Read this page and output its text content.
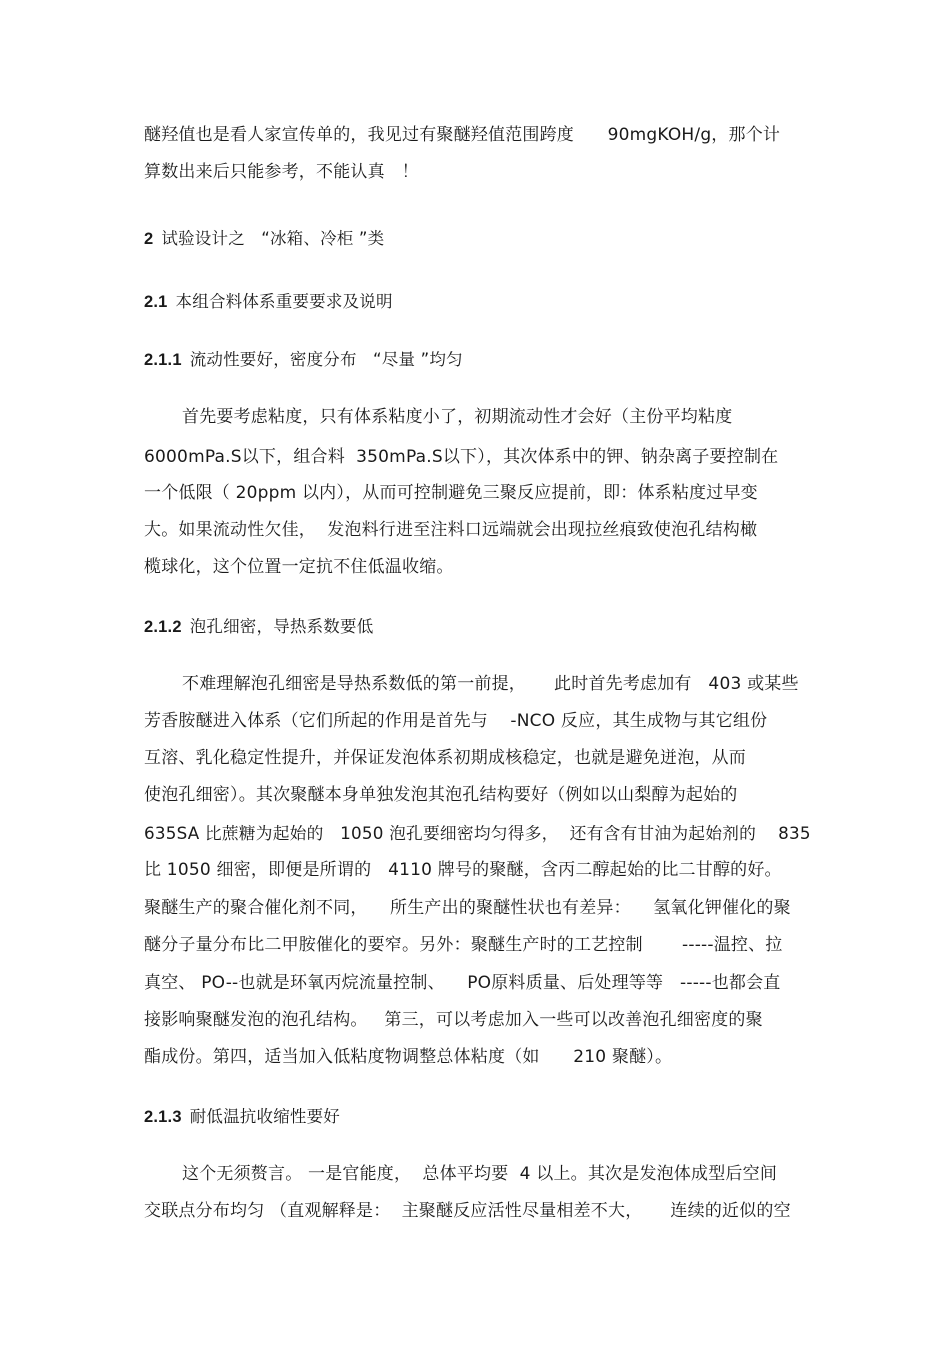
醚羟值也是看人家宣传单的，我见过有聚醚羟值范围跨度      90mgKOH/g，那个计
算数出来后只能参考，不能认真   ！
2 试验设计之   “冰箱、冷柜 ”类
2.1 本组合料体系重要要求及说明
2.1.1 流动性要好，密度分布   “尽量 ”均匀
首先要考虑粘度，只有体系粘度小了，初期流动性才会好（主份平均粘度
6000mPa.S以下，组合料  350mPa.S以下），其次体系中的钾、钠杂离子要控制在
一个低限（ 20ppm 以内），从而可控制避免三聚反应提前，即：体系粘度过早变
大。如果流动性欠佳，  发泡料行进至注料口远端就会出现拉丝痕致使泡孔结构橄
榄球化，这个位置一定抗不住低温收缩。
2.1.2 泡孔细密，导热系数要低
不难理解泡孔细密是导热系数低的第一前提，     此时首先考虑加有   403 或某些
芳香胺醚进入体系（它们所起的作用是首先与    -NCO 反应，其生成物与其它组份
互溶、乳化稳定性提升，并保证发泡体系初期成核稳定，也就是避免迸泡，从而
使泡孔细密）。其次聚醚本身单独发泡其泡孔结构要好（例如以山梨醇为起始的
635SA 比蔗糖为起始的   1050 泡孔要细密均匀得多，  还有含有甘油为起始剂的    835
比 1050 细密，即便是所谓的   4110 牌号的聚醚，含丙二醇起始的比二甘醇的好。
聚醚生产的聚合催化剂不同，    所生产出的聚醚性状也有差异：    氢氧化钾催化的聚
醚分子量分布比二甲胺催化的要窄。另外：聚醚生产时的工艺控制       -----温控、拉
真空、 PO--也就是环氧丙烷流量控制、    PO原料质量、后处理等等   -----也都会直
接影响聚醚发泡的泡孔结构。   第三，可以考虑加入一些可以改善泡孔细密度的聚
酯成份。第四，适当加入低粘度物调整总体粘度（如      210 聚醚）。
2.1.3 耐低温抗收缩性要好
这个无须赘言。 一是官能度，  总体平均要  4 以上。其次是发泡体成型后空间
交联点分布均匀 （直观解释是：  主聚醚反应活性尽量相差不大，     连续的近似的空
